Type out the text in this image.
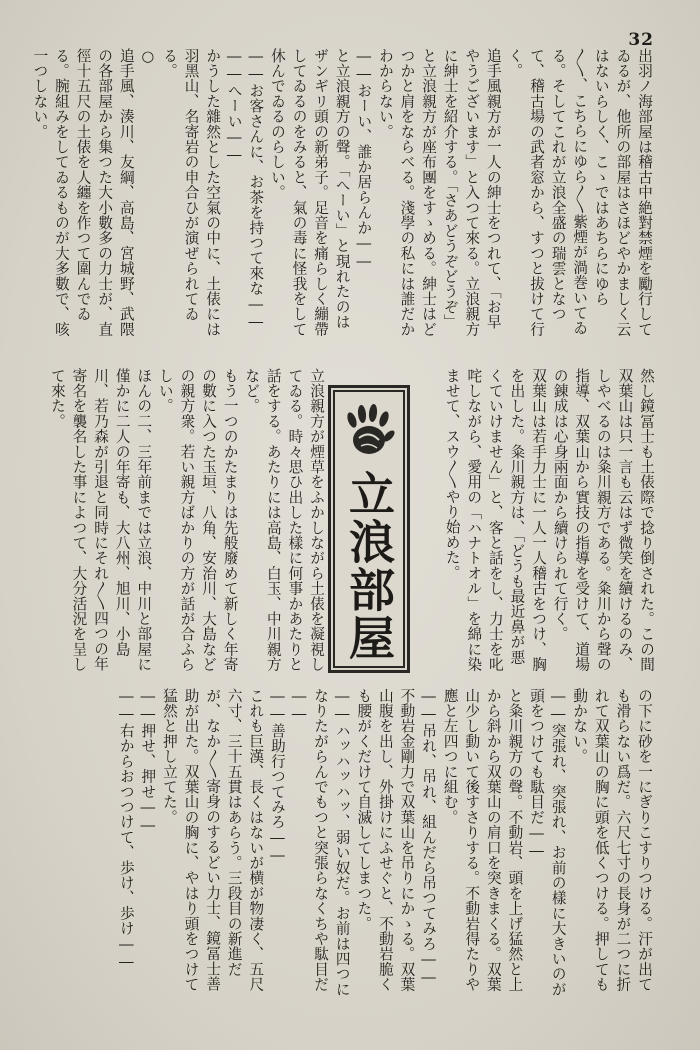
32

出羽ノ海部屋は稽古中絶對禁煙を勵行してゐるが、他所の部屋はさほどやかましく云はないらしく、こゝではあちらにゆら〳〵、こちらにゆら〳〵紫煙が渦巻いてゐる。そしてこれが立浪全盛の瑞雲となつて、稽古場の武者窓から、すつと拔けて行く。

追手風親方が一人の紳士をつれて、「お早やうございます」と入つて來る。立浪親方に紳士を紹介する。「さあどうぞどうぞ」と立浪親方が座布團をすゝめる。紳士はどつかと肩をならべる。淺學の私には誰だかわからない。

――おーい、誰か居らんか――

と立浪親方の聲。「へーい」と現れたのはザンギリ頭の新弟子。足音を痛らしく繃帶してゐるのをみると、氣の毒に怪我をして休んでゐるのらしい。

――お客さんに、お茶を持つて來な――

――へーい――

かうした雜然とした空氣の中に、土俵には羽黑山、名寄岩の申合ひが演ぜられてゐる。

○

追手風、湊川、友綱、高島、宮城野、武隈の各部屋から集つた大小數多の力士が、直徑十五尺の土俵を人纏を作つて圍んでゐる。腕組みをしてゐるものが大多數で、咳一つしない。

然し鏡冨士も土俵際で捻り倒された。この間双葉山は只一言も云はず微笑を續けるのみ、しやべるのは粂川親方である。粂川から聲の指導、双葉山から實技の指導を受けて、道場の錬成は心身兩面から續けられて行く。

双葉山は若手力士に一人一人稽古をつけ、胸を出した。粂川親方は、「どうも最近鼻が悪くていけません」と、客と話をし、力士を叱咤しながら、愛用の「ハナトオル」を綿に染ませて、スウ〳〵やり始めた。

立浪部屋

立浪親方が煙草をふかしながら土俵を凝視してゐる。時々思ひ出した樣に何事かあたりと話をする。あたりには高島、白玉、中川親方など。

もう一つのかたまりは先般廢めて新しく年寄の數に入つた玉垣、八角、安治川、大島などの親方衆。若い親方ばかりの方が話が合ふらしい。

ほんの二、三年前までは立浪、中川と部屋に僅かに二人の年寄も、大八州、旭川、小島川、若乃森が引退と同時にそれ〳〵四つの年寄名を襲名した事によつて、大分活況を呈して來た。

の下に砂を一にぎりこすりつける。汗が出ても滑らない爲だ。六尺七寸の長身が二つに折れて双葉山の胸に頭を低くつける。押しても動かない。

――突張れ、突張れ、お前の樣に大きいのが頭をつけても駄目だ――

と粂川親方の聲。不動岩、頭を上げ猛然と上から斜から双葉山の肩口を突きまくる。双葉山少し動いて後すさりする。不動岩得たりや應と左四つに組む。

――吊れ、吊れ、組んだら吊つてみろ――

不動岩金剛力で双葉山を吊りにかゝる。双葉山腹を出し、外掛けにふせぐと、不動岩脆くも腰がくだけて自滅してしまつた。

――ハッハッハッ、弱い奴だ。お前は四つになりたがらんでもつと突張らなくちや駄目だ――

――善助行つてみろ――

これも巨漢、長くはないが横が物凄く、五尺六寸、三十五貫はあらう。三段目の新進だが、なか〳〵寄身のするどい力士、鏡冨士善助が出た。双葉山の胸に、やはり頭をつけて猛然と押し立てた。

――押せ、押せ――

――右からおつつけて、歩け、歩け――
